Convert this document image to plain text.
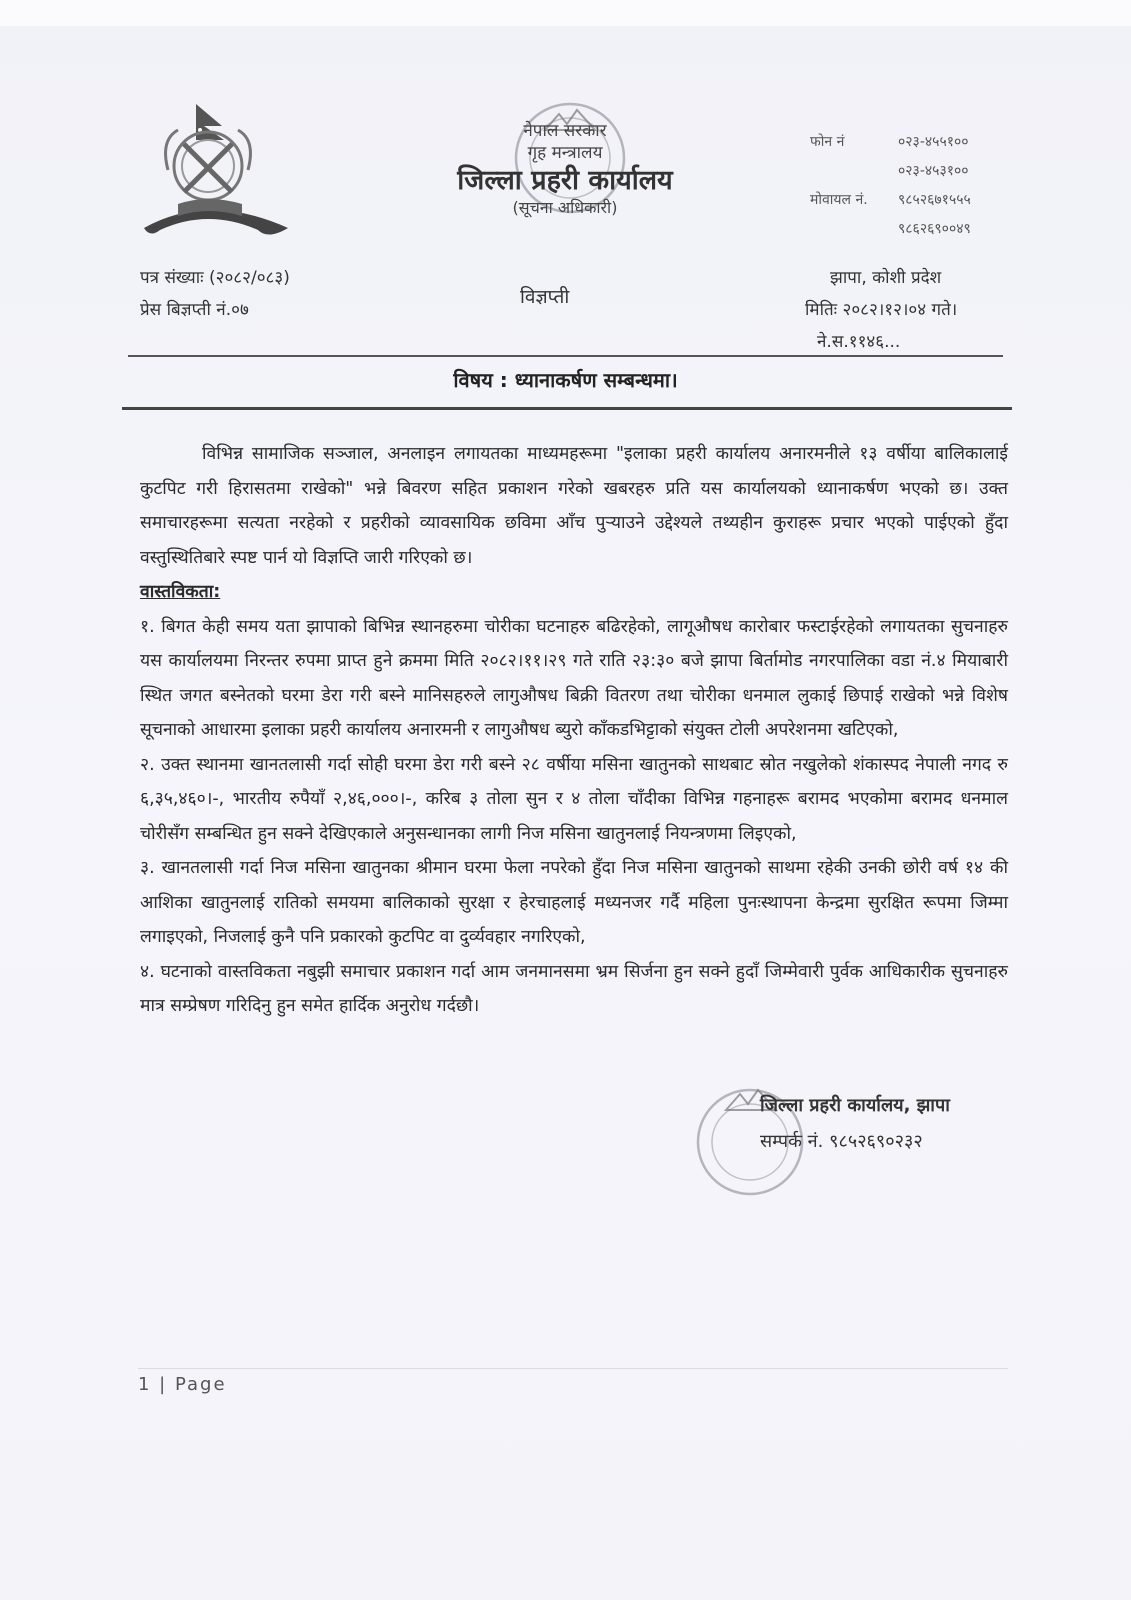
नेपाल सरकार
गृह मन्त्रालय
जिल्ला प्रहरी कार्यालय
(सूचना अधिकारी)
फोन नं	०२३-४५५१००
०२३-४५३१००
मोवायल नं. ९८५२६७१५५५
९८६२६९००४९
पत्र संख्याः (२०८२/०८३)
प्रेस बिज्ञप्ती नं.०७
विज्ञप्ती
झापा, कोशी प्रदेश
मितिः २०८२।१२।०४ गते।
ने.स.११४६...
विषय : ध्यानाकर्षण सम्बन्धमा।

विभिन्न सामाजिक सञ्जाल, अनलाइन लगायतका माध्यमहरूमा "इलाका प्रहरी कार्यालय अनारमनीले १३ वर्षीया बालिकालाई कुटपिट गरी हिरासतमा राखेको" भन्ने बिवरण सहित प्रकाशन गरेको खबरहरु प्रति यस कार्यालयको ध्यानाकर्षण भएको छ। उक्त समाचारहरूमा सत्यता नरहेको र प्रहरीको व्यावसायिक छविमा आँच पुऱ्याउने उद्देश्यले तथ्यहीन कुराहरू प्रचार भएको पाईएको हुँदा वस्तुस्थितिबारे स्पष्ट पार्न यो विज्ञप्ति जारी गरिएको छ।

वास्तविकता:

१. बिगत केही समय यता झापाको बिभिन्न स्थानहरुमा चोरीका घटनाहरु बढिरहेको, लागूऔषध कारोबार फस्टाईरहेको लगायतका सुचनाहरु यस कार्यालयमा निरन्तर रुपमा प्राप्त हुने क्रममा मिति २०८२।११।२९ गते राति २३:३० बजे झापा बिर्तामोड नगरपालिका वडा नं.४ मियाबारी स्थित जगत बस्नेतको घरमा डेरा गरी बस्ने मानिसहरुले लागुऔषध बिक्री वितरण तथा चोरीका धनमाल लुकाई छिपाई राखेको भन्ने विशेष सूचनाको आधारमा इलाका प्रहरी कार्यालय अनारमनी र लागुऔषध ब्युरो काँकडभिट्टाको संयुक्त टोली अपरेशनमा खटिएको,

२. उक्त स्थानमा खानतलासी गर्दा सोही घरमा डेरा गरी बस्ने २८ वर्षीया मसिना खातुनको साथबाट स्रोत नखुलेको शंकास्पद नेपाली नगद रु ६,३५,४६०।-, भारतीय रुपैयाँ २,४६,०००।-, करिब ३ तोला सुन र ४ तोला चाँदीका विभिन्न गहनाहरू बरामद भएकोमा बरामद धनमाल चोरीसँग सम्बन्धित हुन सक्ने देखिएकाले अनुसन्धानका लागी निज मसिना खातुनलाई नियन्त्रणमा लिइएको,

३. खानतलासी गर्दा निज मसिना खातुनका श्रीमान घरमा फेला नपरेको हुँदा निज मसिना खातुनको साथमा रहेकी उनकी छोरी वर्ष १४ की आशिका खातुनलाई रातिको समयमा बालिकाको सुरक्षा र हेरचाहलाई मध्यनजर गर्दै महिला पुनःस्थापना केन्द्रमा सुरक्षित रूपमा जिम्मा लगाइएको, निजलाई कुनै पनि प्रकारको कुटपिट वा दुर्व्यवहार नगरिएको,

४. घटनाको वास्तविकता नबुझी समाचार प्रकाशन गर्दा आम जनमानसमा भ्रम सिर्जना हुन सक्ने हुदाँ जिम्मेवारी पुर्वक आधिकारीक सुचनाहरु मात्र सम्प्रेषण गरिदिनु हुन समेत हार्दिक अनुरोध गर्दछौ।

जिल्ला प्रहरी कार्यालय, झापा
सम्पर्क नं. ९८५२६९०२३२
1 | Page
